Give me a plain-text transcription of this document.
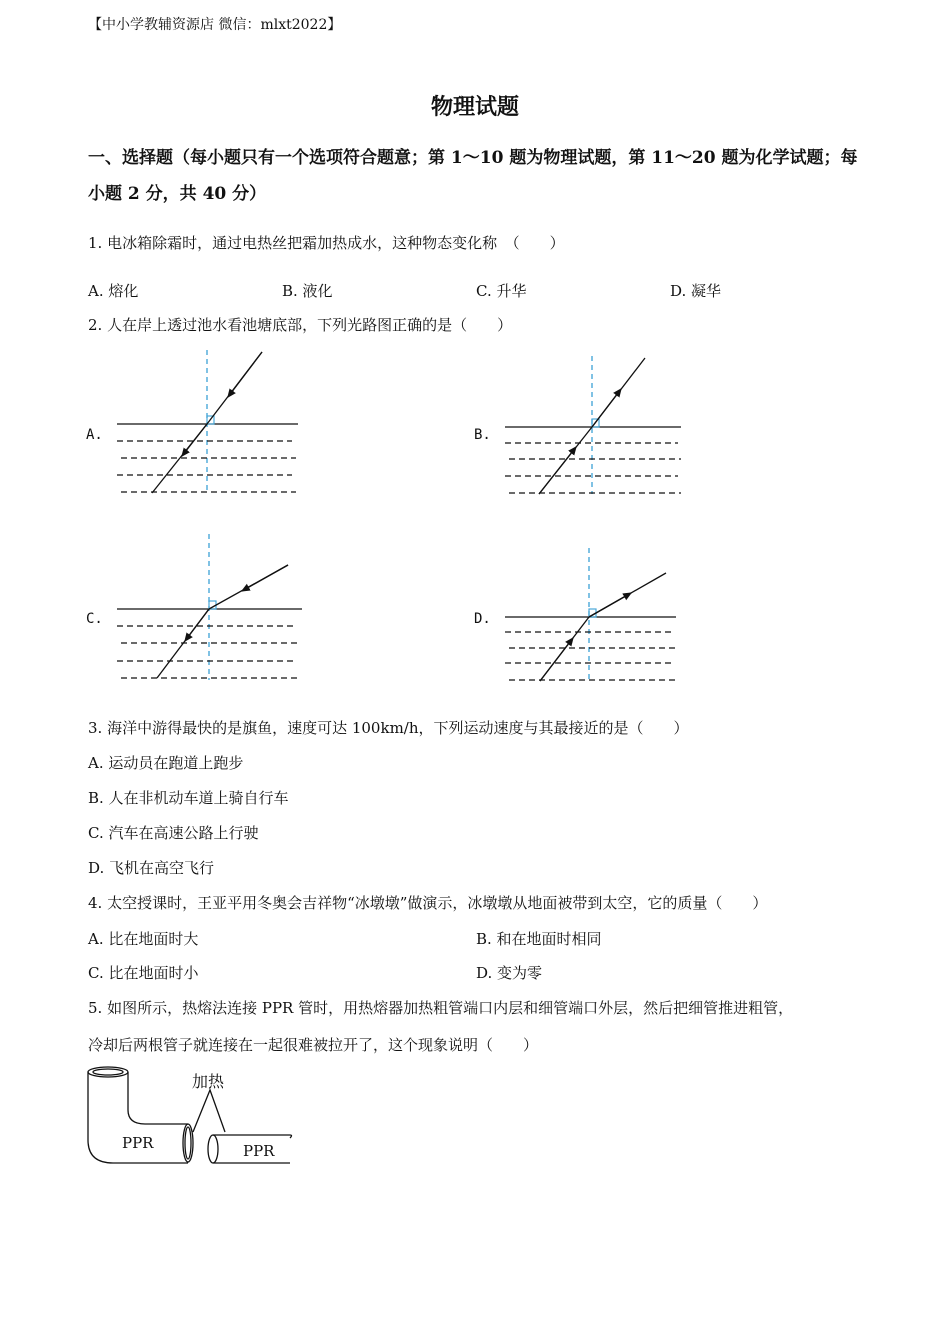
【中小学教辅资源店 微信：mlxt2022】
物理试题
一、选择题（每小题只有一个选项符合题意；第 1～10 题为物理试题，第 11～20 题为化学试题；每小题 2 分，共 40 分）
1. 电冰箱除霜时，通过电热丝把霜加热成水，这种物态变化称　（　　）
A. 熔化	B. 液化	C. 升华	D. 凝华
2. 人在岸上透过池水看池塘底部，下列光路图正确的是（　　）
A.	B.
C.	D.
3. 海洋中游得最快的是旗鱼，速度可达 100km/h，下列运动速度与其最接近的是（　　）
A. 运动员在跑道上跑步
B. 人在非机动车道上骑自行车
C. 汽车在高速公路上行驶
D. 飞机在高空飞行
4. 太空授课时，王亚平用冬奥会吉祥物“冰墩墩”做演示，冰墩墩从地面被带到太空，它的质量（　　）
A. 比在地面时大	B. 和在地面时相同
C. 比在地面时小	D. 变为零
5. 如图所示，热熔法连接 PPR 管时，用热熔器加热粗管端口内层和细管端口外层，然后把细管推进粗管，
冷却后两根管子就连接在一起很难被拉开了，这个现象说明（　　）
加热
PPR	PPR
